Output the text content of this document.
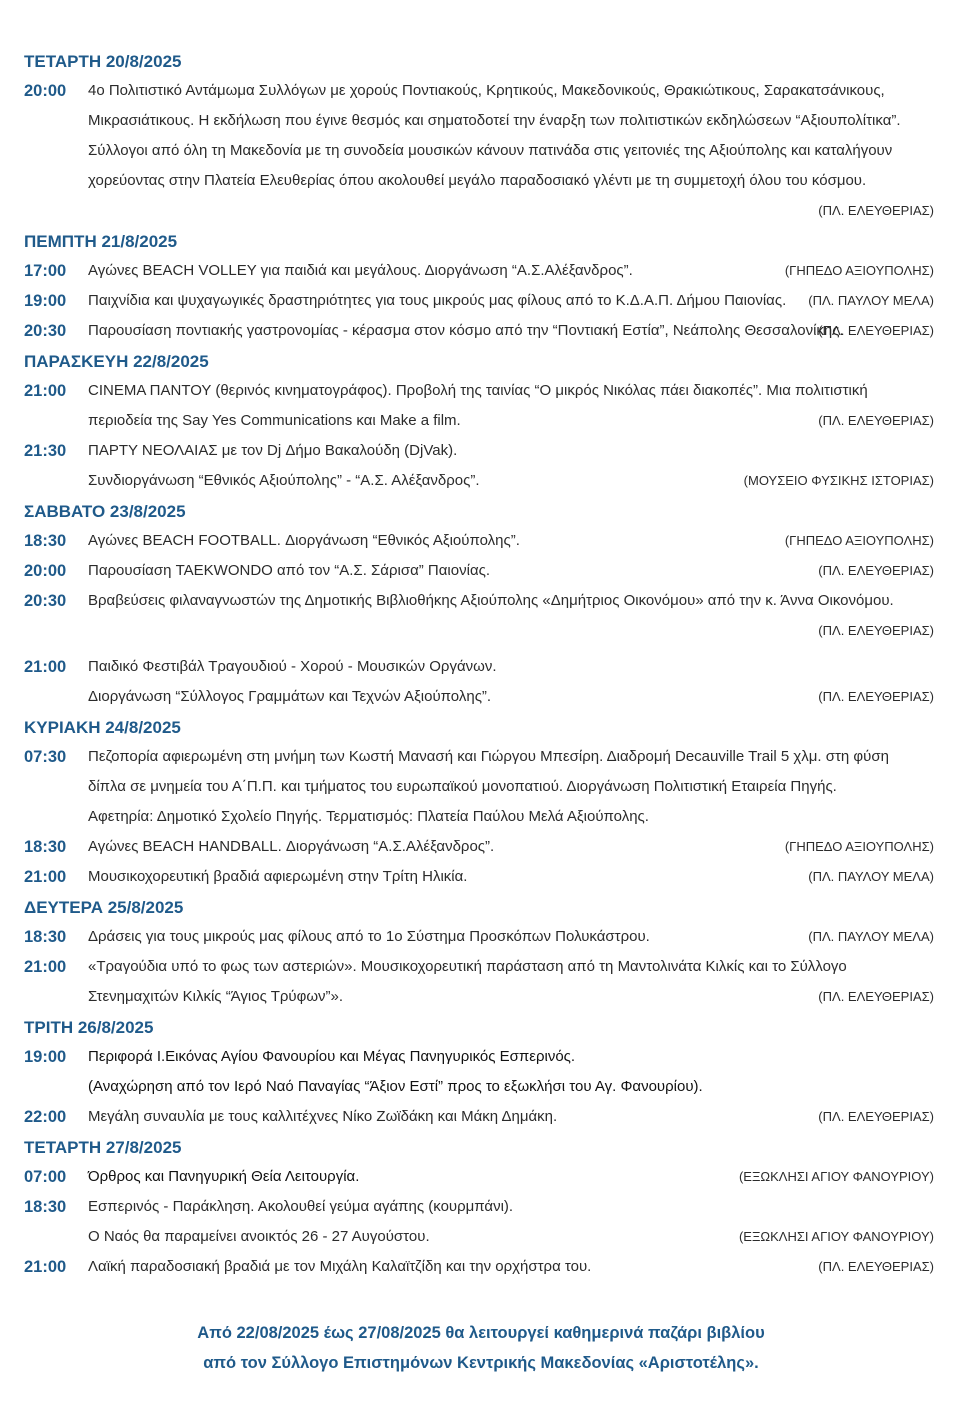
ΤΕΤΑΡΤΗ 20/8/2025
20:00 4ο Πολιτιστικό Αντάμωμα Συλλόγων με χορούς Ποντιακούς, Κρητικούς, Μακεδονικούς, Θρακιώτικους, Σαρακατσάνικους,
Μικρασιάτικους. Η εκδήλωση που έγινε θεσμός και σηματοδοτεί την έναρξη των πολιτιστικών εκδηλώσεων “Αξιουπολίτικα”.
Σύλλογοι από όλη τη Μακεδονία με τη συνοδεία μουσικών κάνουν πατινάδα στις γειτονιές της Αξιούπολης και καταλήγουν
χορεύοντας στην Πλατεία Ελευθερίας όπου ακολουθεί μεγάλο παραδοσιακό γλέντι με τη συμμετοχή όλου του κόσμου.
(ΠΛ. ΕΛΕΥΘΕΡΙΑΣ)
ΠΕΜΠΤΗ 21/8/2025
17:00 Αγώνες BEACH VOLLEY για παιδιά και μεγάλους. Διοργάνωση “Α.Σ.Αλέξανδρος”.	(ΓΗΠΕΔΟ ΑΞΙΟΥΠΟΛΗΣ)
19:00 Παιχνίδια και ψυχαγωγικές δραστηριότητες για τους μικρούς μας φίλους από το Κ.Δ.Α.Π. Δήμου Παιονίας. (ΠΛ. ΠΑΥΛΟΥ ΜΕΛΑ)
20:30 Παρουσίαση ποντιακής γαστρονομίας - κέρασμα στον κόσμο από την “Ποντιακή Εστία”, Νεάπολης Θεσσαλονίκης.
(ΠΛ. ΕΛΕΥΘΕΡΙΑΣ)
ΠΑΡΑΣΚΕΥΗ 22/8/2025
21:00 CINEMA ΠΑΝΤΟΥ (θερινός κινηματογράφος). Προβολή της ταινίας “Ο μικρός Νικόλας πάει διακοπές”. Μια πολιτιστική
περιοδεία της Say Yes Communications και Make a film.	(ΠΛ. ΕΛΕΥΘΕΡΙΑΣ)
21:30 ΠΑΡΤΥ ΝΕΟΛΑΙΑΣ με τον Dj Δήμο Βακαλούδη (DjVak).
Συνδιοργάνωση “Εθνικός Αξιούπολης” - “Α.Σ. Αλέξανδρος”.	(ΜΟΥΣΕΙΟ ΦΥΣΙΚΗΣ ΙΣΤΟΡΙΑΣ)
ΣΑΒΒΑΤΟ 23/8/2025
18:30 Αγώνες BEACH FOOTBALL. Διοργάνωση “Εθνικός Αξιούπολης”.	(ΓΗΠΕΔΟ ΑΞΙΟΥΠΟΛΗΣ)
20:00 Παρουσίαση TAEKWONDO από τον “Α.Σ. Σάρισα” Παιονίας.	(ΠΛ. ΕΛΕΥΘΕΡΙΑΣ)
20:30 Βραβεύσεις φιλαναγνωστών της Δημοτικής Βιβλιοθήκης Αξιούπολης «Δημήτριος Οικονόμου» από την κ. Άννα Οικονόμου.
(ΠΛ. ΕΛΕΥΘΕΡΙΑΣ)
21:00 Παιδικό Φεστιβάλ Τραγουδιού - Χορού - Μουσικών Οργάνων.
Διοργάνωση “Σύλλογος Γραμμάτων και Τεχνών Αξιούπολης”.	(ΠΛ. ΕΛΕΥΘΕΡΙΑΣ)
ΚΥΡΙΑΚΗ 24/8/2025
07:30 Πεζοπορία αφιερωμένη στη μνήμη των Κωστή Μανασή και Γιώργου Μπεσίρη. Διαδρομή Decauville Trail 5 χλμ. στη φύση
δίπλα σε μνημεία του Α΄Π.Π. και τμήματος του ευρωπαϊκού μονοπατιού. Διοργάνωση Πολιτιστική Εταιρεία Πηγής.
Αφετηρία: Δημοτικό Σχολείο Πηγής. Τερματισμός: Πλατεία Παύλου Μελά Αξιούπολης.
18:30 Αγώνες BEACH HANDBALL. Διοργάνωση “Α.Σ.Αλέξανδρος”.	(ΓΗΠΕΔΟ ΑΞΙΟΥΠΟΛΗΣ)
21:00 Μουσικοχορευτική βραδιά αφιερωμένη στην Τρίτη Ηλικία.	(ΠΛ. ΠΑΥΛΟΥ ΜΕΛΑ)
ΔΕΥΤΕΡΑ 25/8/2025
18:30 Δράσεις για τους μικρούς μας φίλους από το 1ο Σύστημα Προσκόπων Πολυκάστρου.	(ΠΛ. ΠΑΥΛΟΥ ΜΕΛΑ)
21:00 «Τραγούδια υπό το φως των αστεριών». Μουσικοχορευτική παράσταση από τη Μαντολινάτα Κιλκίς και το Σύλλογο
Στενημαχιτών Κιλκίς “Άγιος Τρύφων”».	(ΠΛ. ΕΛΕΥΘΕΡΙΑΣ)
ΤΡΙΤΗ 26/8/2025
19:00 Περιφορά Ι.Εικόνας Αγίου Φανουρίου και Μέγας Πανηγυρικός Εσπερινός.
(Αναχώρηση από τον Ιερό Ναό Παναγίας “Άξιον Εστί” προς το εξωκλήσι του Αγ. Φανουρίου).
22:00 Μεγάλη συναυλία με τους καλλιτέχνες Νίκο Ζωϊδάκη και Μάκη Δημάκη.	(ΠΛ. ΕΛΕΥΘΕΡΙΑΣ)
ΤΕΤΑΡΤΗ 27/8/2025
07:00 Όρθρος και Πανηγυρική Θεία Λειτουργία.	(ΕΞΩΚΛΗΣΙ ΑΓΙΟΥ ΦΑΝΟΥΡΙΟΥ)
18:30 Εσπερινός - Παράκληση. Ακολουθεί γεύμα αγάπης (κουρμπάνι).
Ο Ναός θα παραμείνει ανοικτός 26 - 27 Αυγούστου.	(ΕΞΩΚΛΗΣΙ ΑΓΙΟΥ ΦΑΝΟΥΡΙΟΥ)
21:00 Λαϊκή παραδοσιακή βραδιά με τον Μιχάλη Καλαϊτζίδη και την ορχήστρα του.	(ΠΛ. ΕΛΕΥΘΕΡΙΑΣ)
Από 22/08/2025 έως 27/08/2025 θα λειτουργεί καθημερινά παζάρι βιβλίου
από τον Σύλλογο Επιστημόνων Κεντρικής Μακεδονίας «Αριστοτέλης».
